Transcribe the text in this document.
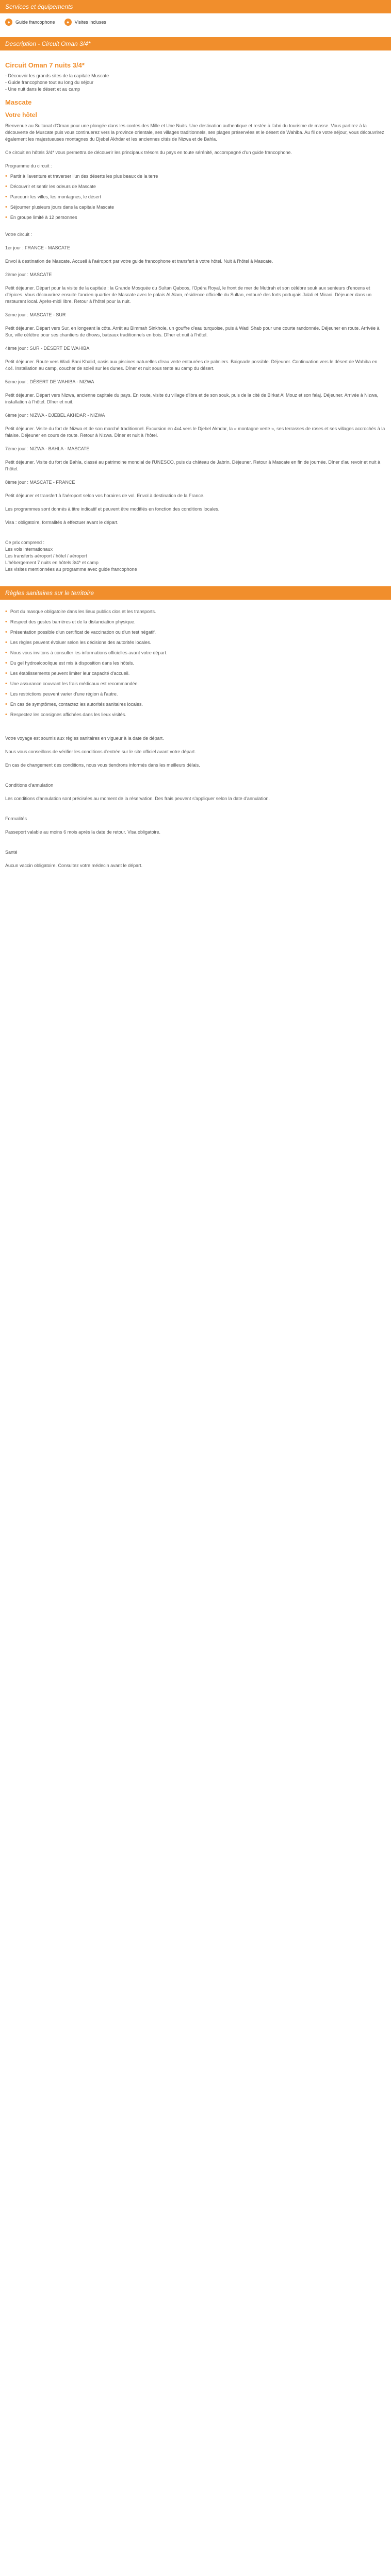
Services et équipements
●	Guide francophone	●	Visites incluses
Description - Circuit Oman 3/4*
Circuit Oman 7 nuits 3/4*

- Découvrir les grands sites de la capitale Muscate

- Guide francophone tout au long du séjour

- Une nuit dans le désert et au camp

Mascate
Votre hôtel

Bienvenue au Sultanat d'Oman pour une plongée dans les contes des Mille et Une Nuits. Une destination authentique et restée à l'abri du tourisme de masse. Vous partirez à la découverte de Muscate puis vous continuerez vers la province orientale, ses villages traditionnels, ses plages préservées et le désert de Wahiba. Au fil de votre séjour, vous découvrirez également les majestueuses montagnes du Djebel Akhdar et les anciennes cités de Nizwa et de Bahla.

Ce circuit en hôtels 3/4* vous permettra de découvrir les principaux trésors du pays en toute sérénité, accompagné d'un guide francophone.

Programme du circuit :

• Partir à l'aventure et traverser l'un des déserts les plus beaux de la terre
• Découvrir et sentir les odeurs de Mascate
• Parcourir les villes, les montagnes, le désert
• Séjourner plusieurs jours dans la capitale Mascate
• En groupe limité à 12 personnes

Votre circuit :

1er jour : FRANCE - MASCATE

Envol à destination de Mascate. Accueil à l'aéroport par votre guide francophone et transfert à votre hôtel. Nuit à l'hôtel à Mascate.

2ème jour : MASCATE

Petit déjeuner. Départ pour la visite de la capitale : la Grande Mosquée du Sultan Qaboos, l'Opéra Royal, le front de mer de Muttrah et son célèbre souk aux senteurs d'encens et d'épices. Vous découvrirez ensuite l'ancien quartier de Mascate avec le palais Al Alam, résidence officielle du Sultan, entouré des forts portugais Jalali et Mirani. Déjeuner dans un restaurant local. Après-midi libre. Retour à l'hôtel pour la nuit.

3ème jour : MASCATE - SUR

Petit déjeuner. Départ vers Sur, en longeant la côte. Arrêt au Bimmah Sinkhole, un gouffre d'eau turquoise, puis à Wadi Shab pour une courte randonnée. Déjeuner en route. Arrivée à Sur, ville célèbre pour ses chantiers de dhows, bateaux traditionnels en bois. Dîner et nuit à l'hôtel.

4ème jour : SUR - DÉSERT DE WAHIBA

Petit déjeuner. Route vers Wadi Bani Khalid, oasis aux piscines naturelles d'eau verte entourées de palmiers. Baignade possible. Déjeuner. Continuation vers le désert de Wahiba en 4x4. Installation au camp, coucher de soleil sur les dunes. Dîner et nuit sous tente au camp du désert.

5ème jour : DÉSERT DE WAHIBA - NIZWA

Petit déjeuner. Départ vers Nizwa, ancienne capitale du pays. En route, visite du village d'Ibra et de son souk, puis de la cité de Birkat Al Mouz et son falaj. Déjeuner. Arrivée à Nizwa, installation à l'hôtel. Dîner et nuit.

6ème jour : NIZWA - DJEBEL AKHDAR - NIZWA

Petit déjeuner. Visite du fort de Nizwa et de son marché traditionnel. Excursion en 4x4 vers le Djebel Akhdar, la « montagne verte », ses terrasses de roses et ses villages accrochés à la falaise. Déjeuner en cours de route. Retour à Nizwa. Dîner et nuit à l'hôtel.

7ème jour : NIZWA - BAHLA - MASCATE

Petit déjeuner. Visite du fort de Bahla, classé au patrimoine mondial de l'UNESCO, puis du château de Jabrin. Déjeuner. Retour à Mascate en fin de journée. Dîner d'au revoir et nuit à l'hôtel.

8ème jour : MASCATE - FRANCE

Petit déjeuner et transfert à l'aéroport selon vos horaires de vol. Envol à destination de la France.

Les programmes sont donnés à titre indicatif et peuvent être modifiés en fonction des conditions locales.

Visa : obligatoire, formalités à effectuer avant le départ.

Ce prix comprend :

Les vols internationaux

Les transferts aéroport / hôtel / aéroport

L'hébergement 7 nuits en hôtels 3/4* et camp

Les visites mentionnées au programme avec guide francophone

Règles sanitaires sur le territoire
• Port du masque obligatoire dans les lieux publics clos et les transports.
• Respect des gestes barrières et de la distanciation physique.
• Présentation possible d'un certificat de vaccination ou d'un test négatif.
• Les règles peuvent évoluer selon les décisions des autorités locales.
• Nous vous invitons à consulter les informations officielles avant votre départ.
• Du gel hydroalcoolique est mis à disposition dans les hôtels.
• Les établissements peuvent limiter leur capacité d'accueil.
• Une assurance couvrant les frais médicaux est recommandée.
• Les restrictions peuvent varier d'une région à l'autre.
• En cas de symptômes, contactez les autorités sanitaires locales.
• Respectez les consignes affichées dans les lieux visités.

Votre voyage est soumis aux règles sanitaires en vigueur à la date de départ.

Nous vous conseillons de vérifier les conditions d'entrée sur le site officiel avant votre départ.

En cas de changement des conditions, nous vous tiendrons informés dans les meilleurs délais.

Conditions d'annulation

Les conditions d'annulation sont précisées au moment de la réservation. Des frais peuvent s'appliquer selon la date d'annulation.

Formalités

Passeport valable au moins 6 mois après la date de retour. Visa obligatoire.

Santé

Aucun vaccin obligatoire. Consultez votre médecin avant le départ.
